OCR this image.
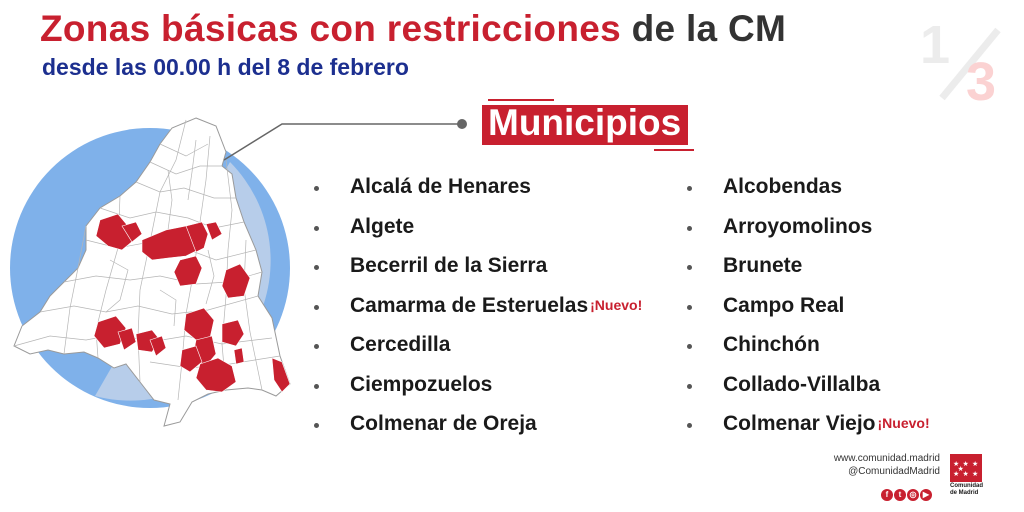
Zonas básicas con restricciones de la CM

desde las 00.00 h del 8 de febrero	1
3
Municipios
Alcalá de Henares
Algete
Becerril de la Sierra
Camarma de Esteruelas ¡Nuevo!
Cercedilla
Ciempozuelos
Colmenar de Oreja
Alcobendas
Arroyomolinos
Brunete
Campo Real
Chinchón
Collado-Villalba
Colmenar Viejo ¡Nuevo!
www.comunidad.madrid
@ComunidadMadrid
f t ◎ ▶
★ ★ ★
★ ★ ★
★
Comunidad
de Madrid
